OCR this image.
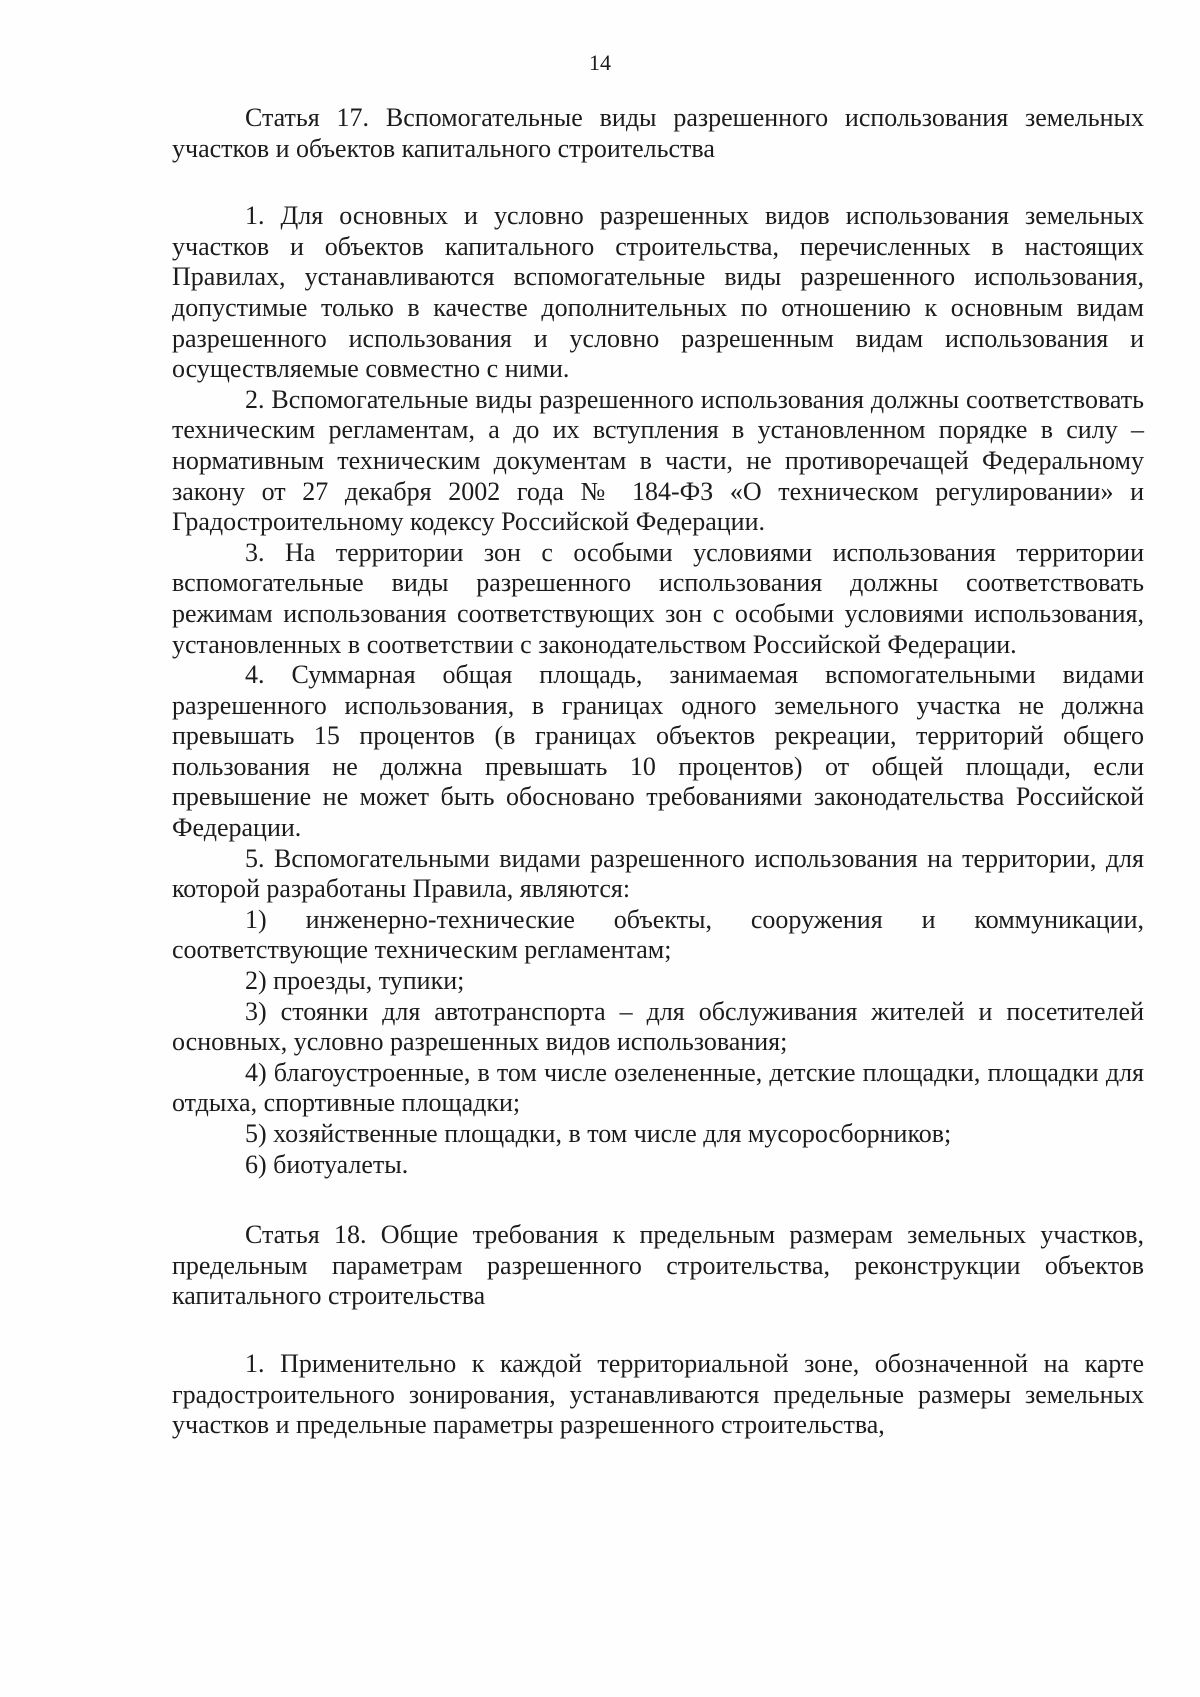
14

Статья 17. Вспомогательные виды разрешенного использования земельных участков и объектов капитального строительства

1. Для основных и условно разрешенных видов использования земельных участков и объектов капитального строительства, перечисленных в настоящих Правилах, устанавливаются вспомогательные виды разрешенного использования, допустимые только в качестве дополнительных по отношению к основным видам разрешенного использования и условно разрешенным видам использования и осуществляемые совместно с ними.

2. Вспомогательные виды разрешенного использования должны соответствовать техническим регламентам, а до их вступления в установленном порядке в силу – нормативным техническим документам в части, не противоречащей Федеральному закону от 27 декабря 2002 года № 184-ФЗ «О техническом регулировании» и Градостроительному кодексу Российской Федерации.

3. На территории зон с особыми условиями использования территории вспомогательные виды разрешенного использования должны соответствовать режимам использования соответствующих зон с особыми условиями использования, установленных в соответствии с законодательством Российской Федерации.

4. Суммарная общая площадь, занимаемая вспомогательными видами разрешенного использования, в границах одного земельного участка не должна превышать 15 процентов (в границах объектов рекреации, территорий общего пользования не должна превышать 10 процентов) от общей площади, если превышение не может быть обосновано требованиями законодательства Российской Федерации.

5. Вспомогательными видами разрешенного использования на территории, для которой разработаны Правила, являются:

1) инженерно-технические объекты, сооружения и коммуникации, соответствующие техническим регламентам;

2) проезды, тупики;

3) стоянки для автотранспорта – для обслуживания жителей и посетителей основных, условно разрешенных видов использования;

4) благоустроенные, в том числе озелененные, детские площадки, площадки для отдыха, спортивные площадки;

5) хозяйственные площадки, в том числе для мусоросборников;

6) биотуалеты.

Статья 18. Общие требования к предельным размерам земельных участков, предельным параметрам разрешенного строительства, реконструкции объектов капитального строительства

1. Применительно к каждой территориальной зоне, обозначенной на карте градостроительного зонирования, устанавливаются предельные размеры земельных участков и предельные параметры разрешенного строительства,
